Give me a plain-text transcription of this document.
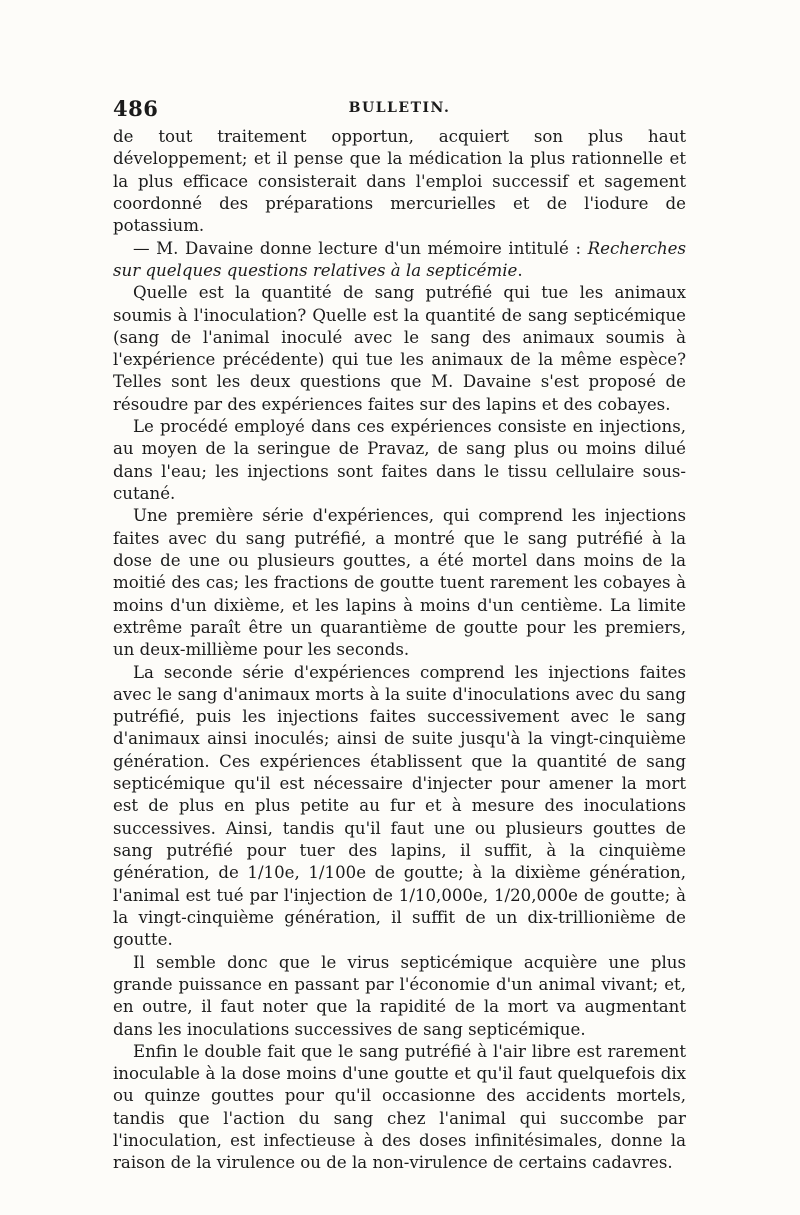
486	BULLETIN.

de tout traitement opportun, acquiert son plus haut développement; et il pense que la médication la plus rationnelle et la plus efficace consisterait dans l'emploi successif et sagement coordonné des préparations mercurielles et de l'iodure de potassium.

— M. Davaine donne lecture d'un mémoire intitulé : Recherches sur quelques questions relatives à la septicémie.

Quelle est la quantité de sang putréfié qui tue les animaux soumis à l'inoculation? Quelle est la quantité de sang septicémique (sang de l'animal inoculé avec le sang des animaux soumis à l'expérience précédente) qui tue les animaux de la même espèce? Telles sont les deux questions que M. Davaine s'est proposé de résoudre par des expériences faites sur des lapins et des cobayes.

Le procédé employé dans ces expériences consiste en injections, au moyen de la seringue de Pravaz, de sang plus ou moins dilué dans l'eau; les injections sont faites dans le tissu cellulaire sous-cutané.

Une première série d'expériences, qui comprend les injections faites avec du sang putréfié, a montré que le sang putréfié à la dose de une ou plusieurs gouttes, a été mortel dans moins de la moitié des cas; les fractions de goutte tuent rarement les cobayes à moins d'un dixième, et les lapins à moins d'un centième. La limite extrême paraît être un quarantième de goutte pour les premiers, un deux-millième pour les seconds.

La seconde série d'expériences comprend les injections faites avec le sang d'animaux morts à la suite d'inoculations avec du sang putréfié, puis les injections faites successivement avec le sang d'animaux ainsi inoculés; ainsi de suite jusqu'à la vingt-cinquième génération. Ces expériences établissent que la quantité de sang septicémique qu'il est nécessaire d'injecter pour amener la mort est de plus en plus petite au fur et à mesure des inoculations successives. Ainsi, tandis qu'il faut une ou plusieurs gouttes de sang putréfié pour tuer des lapins, il suffit, à la cinquième génération, de 1/10e, 1/100e de goutte; à la dixième génération, l'animal est tué par l'injection de 1/10,000e, 1/20,000e de goutte; à la vingt-cinquième génération, il suffit de un dix-trillionième de goutte.

Il semble donc que le virus septicémique acquière une plus grande puissance en passant par l'économie d'un animal vivant; et, en outre, il faut noter que la rapidité de la mort va augmentant dans les inoculations successives de sang septicémique.

Enfin le double fait que le sang putréfié à l'air libre est rarement inoculable à la dose moins d'une goutte et qu'il faut quelquefois dix ou quinze gouttes pour qu'il occasionne des accidents mortels, tandis que l'action du sang chez l'animal qui succombe par l'inoculation, est infectieuse à des doses infinitésimales, donne la raison de la virulence ou de la non-virulence de certains cadavres.
